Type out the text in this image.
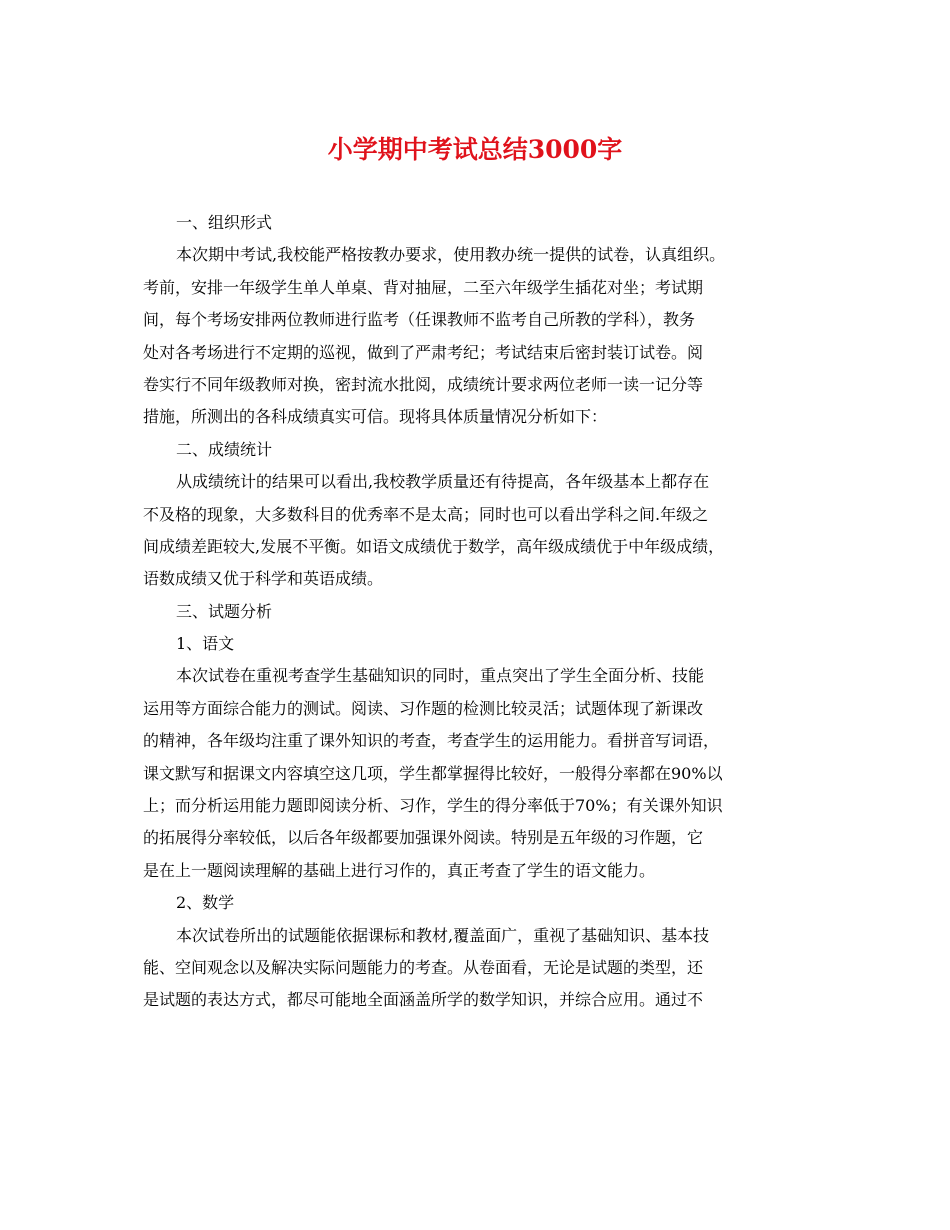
小学期中考试总结3000字
一、组织形式
本次期中考试,我校能严格按教办要求，使用教办统一提供的试卷，认真组织。
考前，安排一年级学生单人单桌、背对抽屉，二至六年级学生插花对坐；考试期
间，每个考场安排两位教师进行监考（任课教师不监考自己所教的学科），教务
处对各考场进行不定期的巡视，做到了严肃考纪；考试结束后密封装订试卷。阅
卷实行不同年级教师对换，密封流水批阅，成绩统计要求两位老师一读一记分等
措施，所测出的各科成绩真实可信。现将具体质量情况分析如下：
二、成绩统计
从成绩统计的结果可以看出,我校教学质量还有待提高，各年级基本上都存在
不及格的现象，大多数科目的优秀率不是太高；同时也可以看出学科之间.年级之
间成绩差距较大,发展不平衡。如语文成绩优于数学，高年级成绩优于中年级成绩，
语数成绩又优于科学和英语成绩。
三、试题分析
1、语文
本次试卷在重视考查学生基础知识的同时，重点突出了学生全面分析、技能
运用等方面综合能力的测试。阅读、习作题的检测比较灵活；试题体现了新课改
的精神，各年级均注重了课外知识的考查，考查学生的运用能力。看拼音写词语，
课文默写和据课文内容填空这几项，学生都掌握得比较好，一般得分率都在90%以
上；而分析运用能力题即阅读分析、习作，学生的得分率低于70%；有关课外知识
的拓展得分率较低，以后各年级都要加强课外阅读。特别是五年级的习作题，它
是在上一题阅读理解的基础上进行习作的，真正考查了学生的语文能力。
2、数学
本次试卷所出的试题能依据课标和教材,覆盖面广，重视了基础知识、基本技
能、空间观念以及解决实际问题能力的考查。从卷面看，无论是试题的类型，还
是试题的表达方式，都尽可能地全面涵盖所学的数学知识，并综合应用。通过不
